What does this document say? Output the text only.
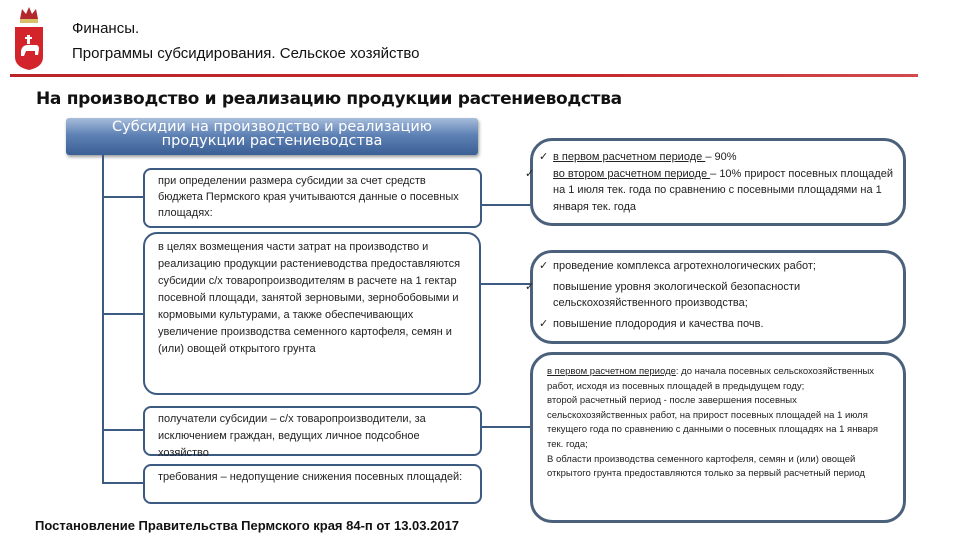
Финансы.
Программы субсидирования. Сельское хозяйство
На производство и реализацию продукции растениеводства
Субсидии на производство и реализацию
продукции растениеводства
при определении размера субсидии за счет средств бюджета Пермского края учитываются данные о посевных площадях:
в целях возмещения части затрат на производство и реализацию продукции растениеводства предоставляются субсидии с/х товаропроизводителям в расчете на 1 гектар посевной площади, занятой зерновыми, зернобобовыми и кормовыми культурами, а также обеспечивающих увеличение производства семенного картофеля, семян и (или) овощей открытого грунта
получатели субсидии – с/х товаропроизводители, за исключением граждан, ведущих личное подсобное хозяйство
требования – недопущение снижения посевных площадей:
✓ в первом расчетном периоде – 90%
✓ во втором расчетном периоде – 10% прирост посевных площадей на 1 июля тек. года по сравнению с посевными площадями на 1 января тек. года
✓ проведение комплекса агротехнологических работ;
✓ повышение уровня экологической безопасности сельскохозяйственного производства;
✓ повышение плодородия и качества почв.
в первом расчетном периоде: до начала посевных сельскохозяйственных работ, исходя из посевных площадей в предыдущем году;
второй расчетный период - после завершения посевных сельскохозяйственных работ, на прирост посевных площадей на 1 июля текущего года по сравнению с данными о посевных площадях на 1 января тек. года;
В области производства семенного картофеля, семян и (или) овощей открытого грунта предоставляются только за первый расчетный период
Постановление Правительства Пермского края 84-п от 13.03.2017
